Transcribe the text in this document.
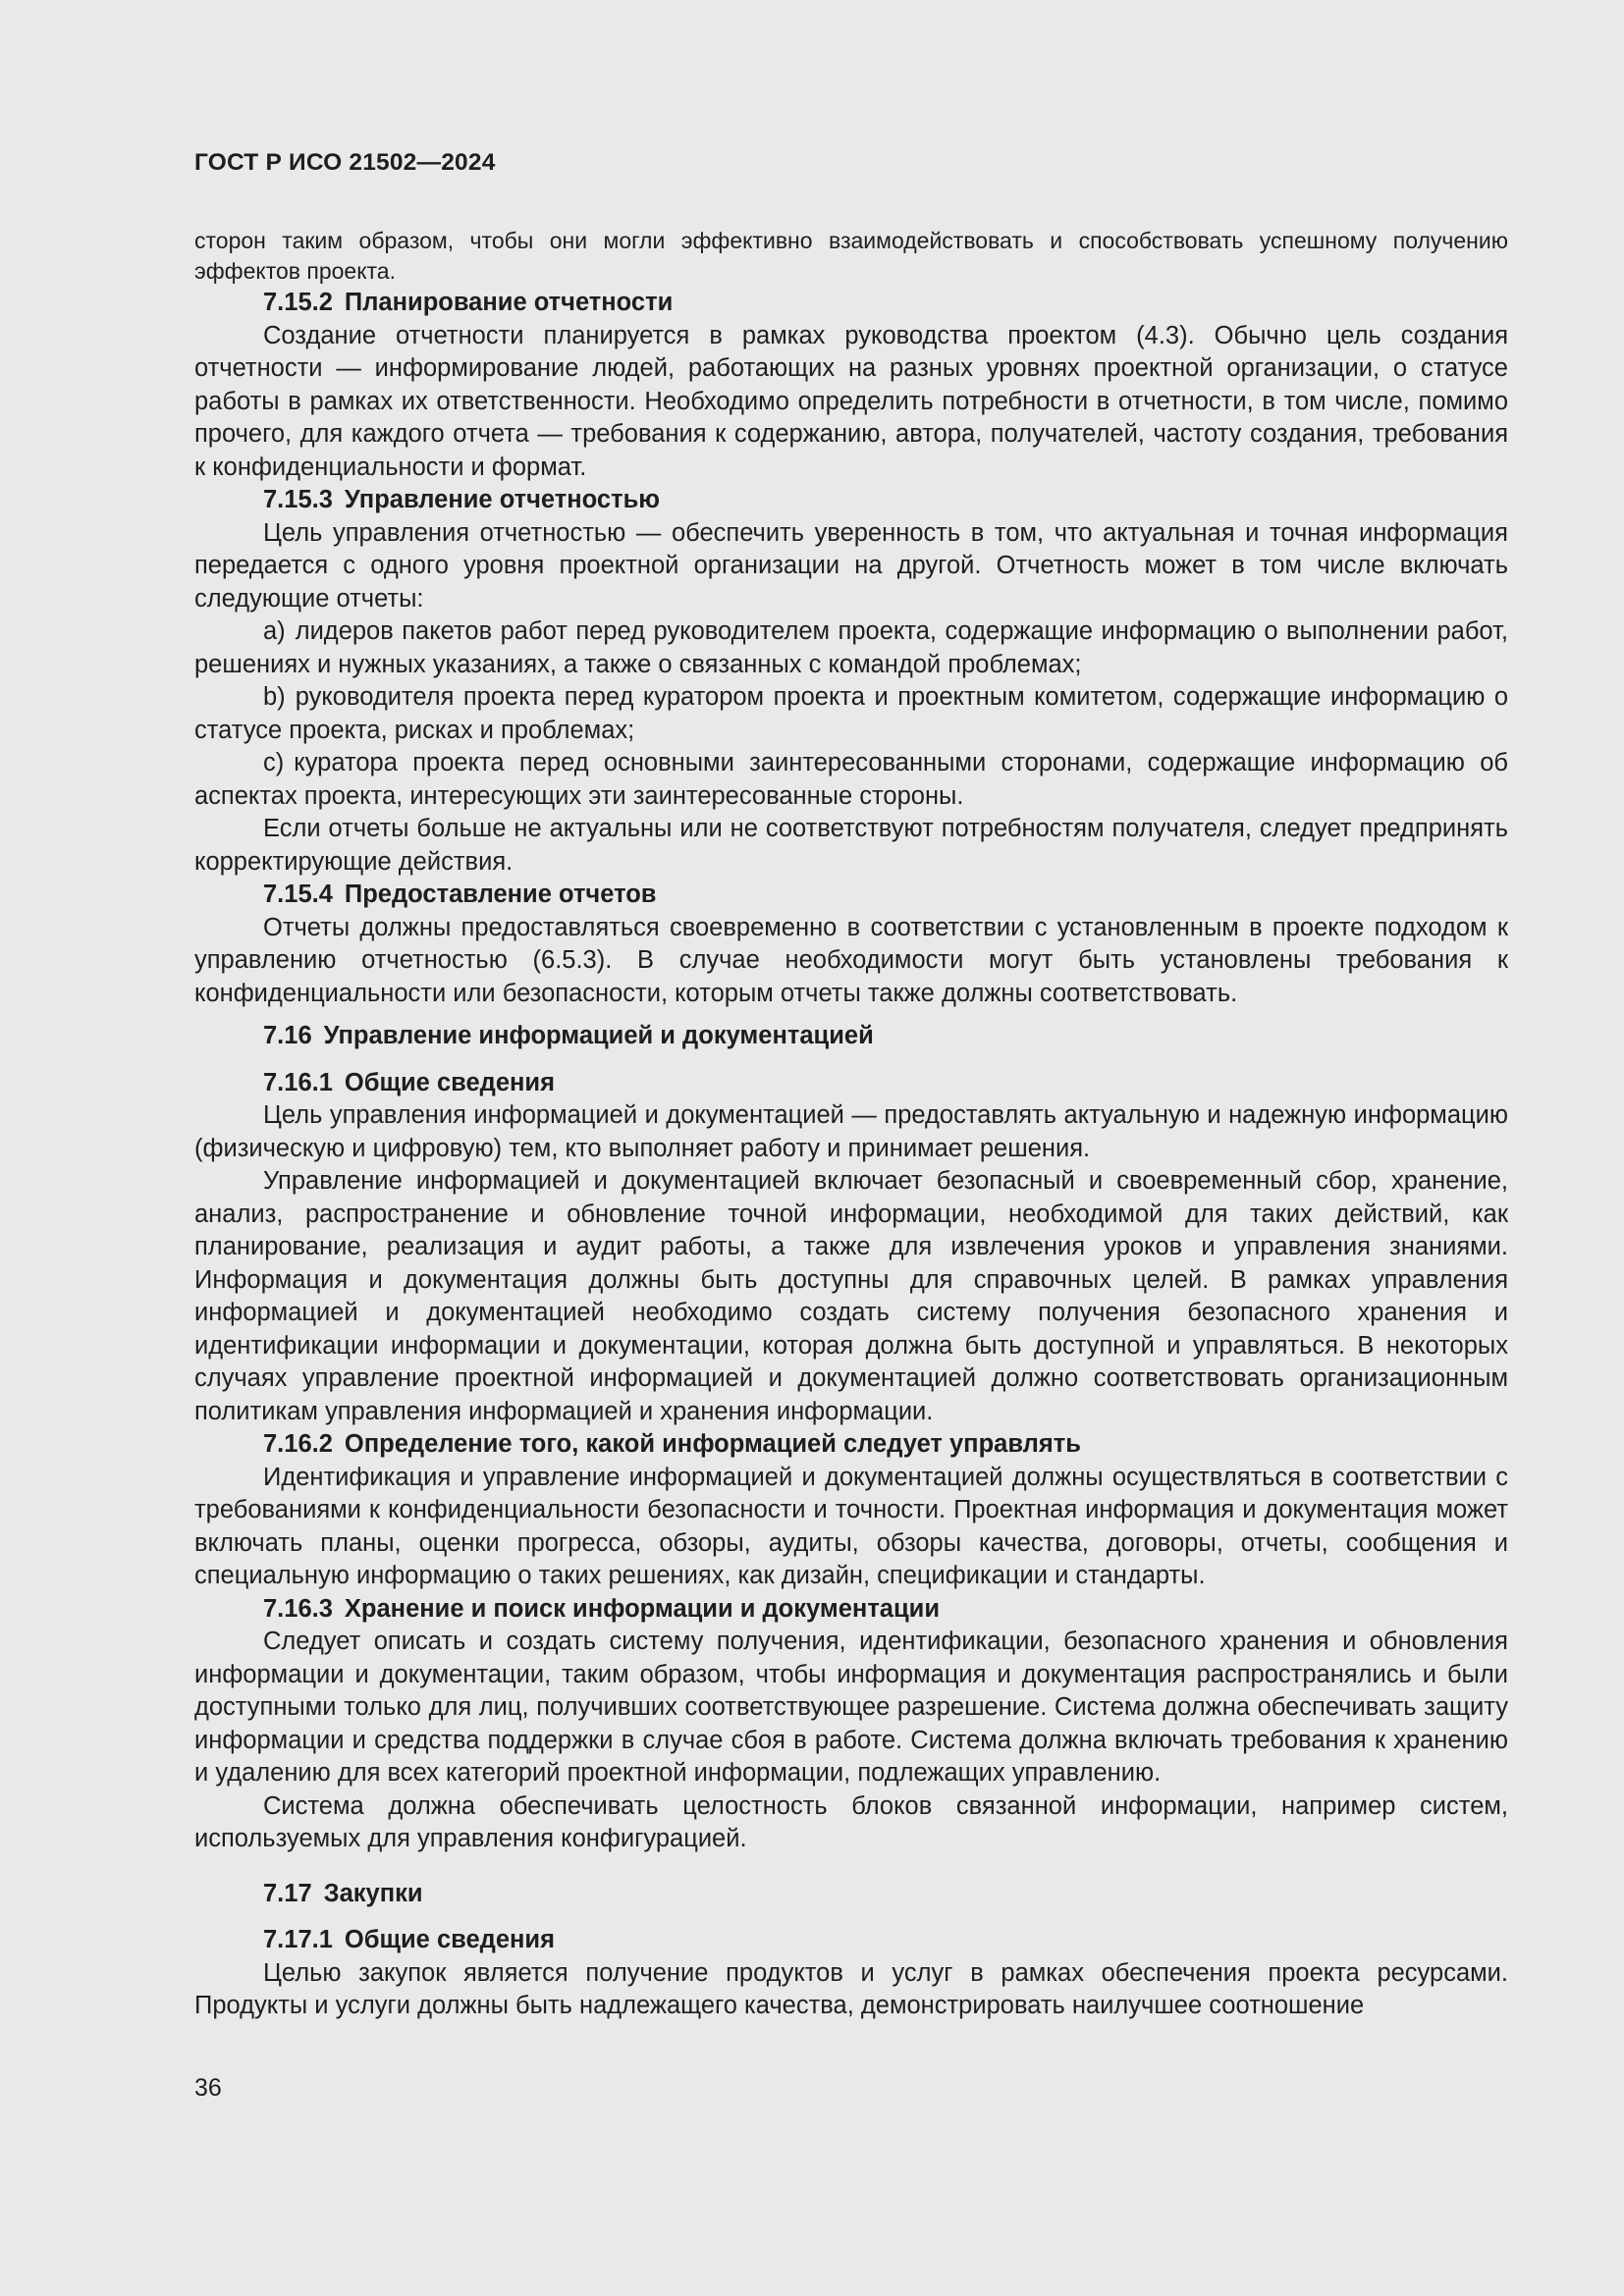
ГОСТ Р ИСО 21502—2024

сторон таким образом, чтобы они могли эффективно взаимодействовать и способствовать успешному получению эффектов проекта.

7.15.2 Планирование отчетности

Создание отчетности планируется в рамках руководства проектом (4.3). Обычно цель создания отчетности — информирование людей, работающих на разных уровнях проектной организации, о статусе работы в рамках их ответственности. Необходимо определить потребности в отчетности, в том числе, помимо прочего, для каждого отчета — требования к содержанию, автора, получателей, частоту создания, требования к конфиденциальности и формат.

7.15.3 Управление отчетностью

Цель управления отчетностью — обеспечить уверенность в том, что актуальная и точная информация передается с одного уровня проектной организации на другой. Отчетность может в том числе включать следующие отчеты:

a) лидеров пакетов работ перед руководителем проекта, содержащие информацию о выполнении работ, решениях и нужных указаниях, а также о связанных с командой проблемах;

b) руководителя проекта перед куратором проекта и проектным комитетом, содержащие информацию о статусе проекта, рисках и проблемах;

c) куратора проекта перед основными заинтересованными сторонами, содержащие информацию об аспектах проекта, интересующих эти заинтересованные стороны.

Если отчеты больше не актуальны или не соответствуют потребностям получателя, следует предпринять корректирующие действия.

7.15.4 Предоставление отчетов

Отчеты должны предоставляться своевременно в соответствии с установленным в проекте подходом к управлению отчетностью (6.5.3). В случае необходимости могут быть установлены требования к конфиденциальности или безопасности, которым отчеты также должны соответствовать.

7.16 Управление информацией и документацией
7.16.1 Общие сведения

Цель управления информацией и документацией — предоставлять актуальную и надежную информацию (физическую и цифровую) тем, кто выполняет работу и принимает решения.

Управление информацией и документацией включает безопасный и своевременный сбор, хранение, анализ, распространение и обновление точной информации, необходимой для таких действий, как планирование, реализация и аудит работы, а также для извлечения уроков и управления знаниями. Информация и документация должны быть доступны для справочных целей. В рамках управления информацией и документацией необходимо создать систему получения безопасного хранения и идентификации информации и документации, которая должна быть доступной и управляться. В некоторых случаях управление проектной информацией и документацией должно соответствовать организационным политикам управления информацией и хранения информации.

7.16.2 Определение того, какой информацией следует управлять

Идентификация и управление информацией и документацией должны осуществляться в соответствии с требованиями к конфиденциальности безопасности и точности. Проектная информация и документация может включать планы, оценки прогресса, обзоры, аудиты, обзоры качества, договоры, отчеты, сообщения и специальную информацию о таких решениях, как дизайн, спецификации и стандарты.

7.16.3 Хранение и поиск информации и документации

Следует описать и создать систему получения, идентификации, безопасного хранения и обновления информации и документации, таким образом, чтобы информация и документация распространялись и были доступными только для лиц, получивших соответствующее разрешение. Система должна обеспечивать защиту информации и средства поддержки в случае сбоя в работе. Система должна включать требования к хранению и удалению для всех категорий проектной информации, подлежащих управлению.

Система должна обеспечивать целостность блоков связанной информации, например систем, используемых для управления конфигурацией.

7.17 Закупки
7.17.1 Общие сведения

Целью закупок является получение продуктов и услуг в рамках обеспечения проекта ресурсами. Продукты и услуги должны быть надлежащего качества, демонстрировать наилучшее соотношение

36
